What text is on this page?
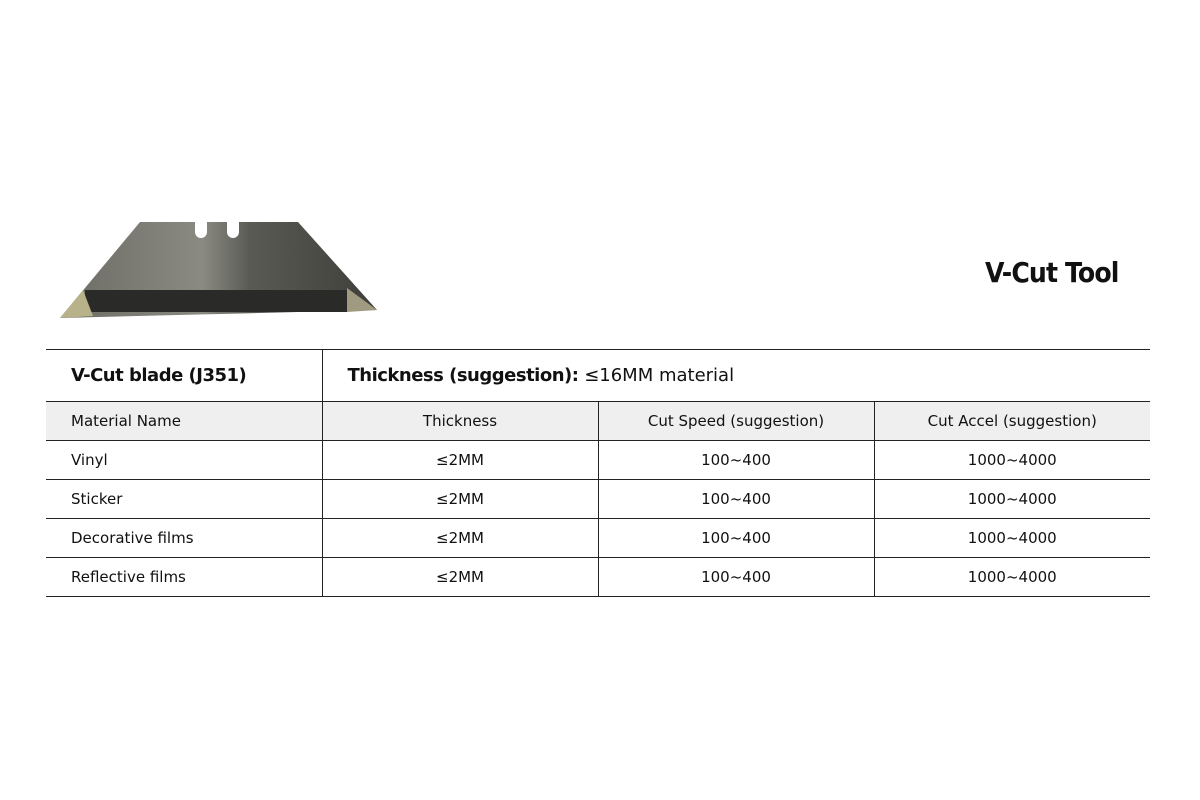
V-Cut Tool
V-Cut blade (J351)	Thickness (suggestion): ≤16MM material		
Material Name	Thickness	Cut Speed (suggestion)	Cut Accel (suggestion)
Vinyl	≤2MM	100~400	1000~4000
Sticker	≤2MM	100~400	1000~4000
Decorative films	≤2MM	100~400	1000~4000
Reflective films	≤2MM	100~400	1000~4000
